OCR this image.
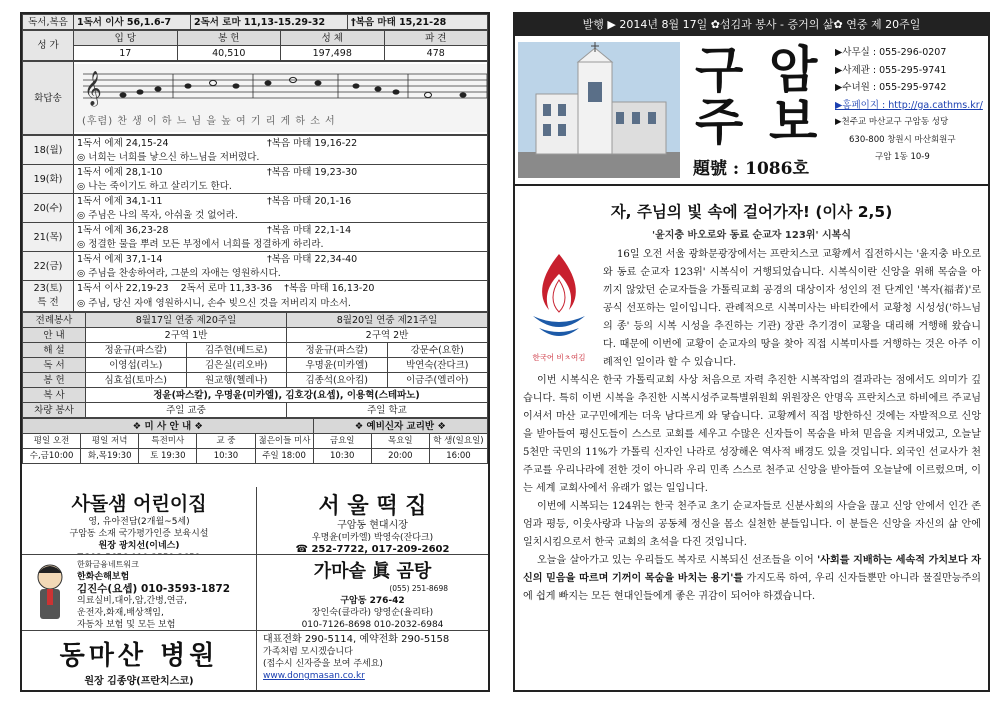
독서,복음	1독서 이사 56,1.6-7	2독서 로마 11,13-15.29-32	†복음 마태 15,21-28
성 가	입 당	봉 헌	성 체	파 견
	17	40,510	197,498	478
화답송	𝄞
(후렴) 찬 생 이 하 느 님 을 높 여 기 리 게 하 소 서
18(월)	1독서 에제 24,15-24 †복음 마태 19,16-22
	◎ 너희는 너희를 낳으신 하느님을 저버렸다.
19(화)	1독서 에제 28,1-10 †복음 마태 19,23-30
	◎ 나는 죽이기도 하고 살리기도 한다.
20(수)	1독서 에제 34,1-11 †복음 마태 20,1-16
	◎ 주님은 나의 목자, 아쉬울 것 없어라.
21(목)	1독서 에제 36,23-28 †복음 마태 22,1-14
	◎ 정결한 물을 뿌려 모든 부정에서 너희를 정결하게 하리라.
22(금)	1독서 에제 37,1-14 †복음 마태 22,34-40
	◎ 주님을 찬송하여라, 그분의 자애는 영원하시다.
23(토)
특 전	1독서 이사 22,19-23 2독서 로마 11,33-36 †복음 마태 16,13-20
	◎ 주님, 당신 자애 영원하시니, 손수 빚으신 것을 저버리지 마소서.
전례봉사	8월17일 연중 제20주일		8월20일 연중 제21주일	
안 내	2구역 1반		2구역 2반	
해 설	정윤규(파스칼)	김주현(베드로)	정윤규(파스칼)	강문수(요한)
독 서	이영섭(리노)	김은실(리오바)	우명윤(미카엘)	박연숙(잔다크)
봉 헌	심효섭(토마스)	원교행(헬레나)	김종석(요아킴)	이금주(엘리아)
복 사	정윤(파스칼), 우명윤(미카엘), 김호강(요셉), 이용혁(스테파노)			
차량 봉사	주일 교중		주일 학교	
❖ 미 사 안 내 ❖					❖ 예비신자 교리반 ❖		
평일 오전	평일 저녁	특전미사	교 중	젊은이들 미사	금요일	목요일	학 생(일요일)
수,금10:00	화,목19:30	토 19:30	10:30	주일 18:00	10:30	20:00	16:00
사돌샘 어린이집
영, 유아전담(2개월~5세)
구암동 소재 국가평가인증 보육시설
원장 광치선(이네스)
서 울 떡 집
구암동 현대시장
우명윤(미카엘) 박영숙(잔다크)
☎ 252-7722, 017-209-2602
한화금융네트워크
한화손해보험
김진수(요셉) 010-3593-1872
의료실비,대아,암,간병,연금,
운전자,화재,배상책임,
자동차 보험 및 모든 보험
가마솥 眞 곰탕
(055) 251-8698
구암동 276-42
장인숙(클라라) 양영순(율리타)
010-7126-8698 010-2032-6984
동마산 병원
원장 김종양(프란치스코)
대표전화 290-5114, 예약전화 290-5158
가족처럼 모시겠습니다
(접수시 신자증을 보여 주세요)
www.dongmasan.co.kr
발행 ▶ 2014년 8월 17일 ✿섬김과 봉사 - 증거의 삶✿ 연중 제 20주일
구 암
주 보
題號 : 1086호
▶사무실 : 055-296-0207
▶사제관 : 055-295-9741
▶수녀원 : 055-295-9742
▶홈페이지 : http://ga.cathms.kr/
▶천주교 마산교구 구암동 성당
630-800 창원시 마산회원구
구암 1동 10-9
자, 주님의 빛 속에 걸어가자! (이사 2,5)
'윤지충 바오로와 동료 순교자 123위' 시복식
한국어 비ㅊ여김

16일 오전 서울 광화문광장에서는 프란치스코 교황께서 집전하시는 '윤지충 바오로와 동료 순교자 123위' 시복식이 거행되었습니다. 시복식이란 신앙을 위해 목숨을 아끼지 않았던 순교자들을 가톨릭교회 공경의 대상이자 성인의 전 단계인 '복자(福者)'로 공식 선포하는 일이입니다. 관례적으로 시복미사는 바티칸에서 교황청 시성성('하느님의 종' 등의 시복 시성을 추진하는 기관) 장관 추기경이 교황을 대리해 거행해 왔습니다. 때문에 이번에 교황이 순교자의 땅을 찾아 직접 시복미사를 거행하는 것은 아주 이례적인 일이라 할 수 있습니다.

이번 시복식은 한국 가톨릭교회 사상 처음으로 자력 추진한 시복작업의 결과라는 점에서도 의미가 깊습니다. 특히 이번 시복을 추진한 시복시성주교특별위원회 위원장은 안명옥 프란치스코 하비에르 주교님이셔서 마산 교구민에게는 더욱 남다르게 와 닿습니다. 교황께서 직접 방한하신 것에는 자발적으로 신앙을 받아들여 평신도들이 스스로 교회를 세우고 수많은 신자들이 목숨을 바쳐 믿음을 지켜내었고, 오늘날 5천만 국민의 11%가 가톨릭 신자인 나라로 성장해온 역사적 배경도 있을 것입니다. 외국인 선교사가 천주교를 우리나라에 전한 것이 아니라 우리 민족 스스로 천주교 신앙을 받아들여 오늘날에 이르렀으며, 이는 세계 교회사에서 유래가 없는 일입니다.

이번에 시복되는 124위는 한국 천주교 초기 순교자들로 신분사회의 사슬을 끊고 신앙 안에서 인간 존엄과 평등, 이웃사랑과 나눔의 공동체 정신을 몸소 실천한 분들입니다. 이 분들은 신앙을 자신의 삶 안에 일치시킴으로서 한국 교회의 초석을 다진 것입니다.

오늘을 살아가고 있는 우리들도 복자로 시복되신 선조들을 이어 '사회를 지배하는 세속적 가치보다 자신의 믿음을 따르며 기꺼이 목숨을 바치는 용기'를 가지도록 하여, 우리 신자들뿐만 아니라 물질만능주의에 쉽게 빠지는 모든 현대인들에게 좋은 귀감이 되어야 하겠습니다.
